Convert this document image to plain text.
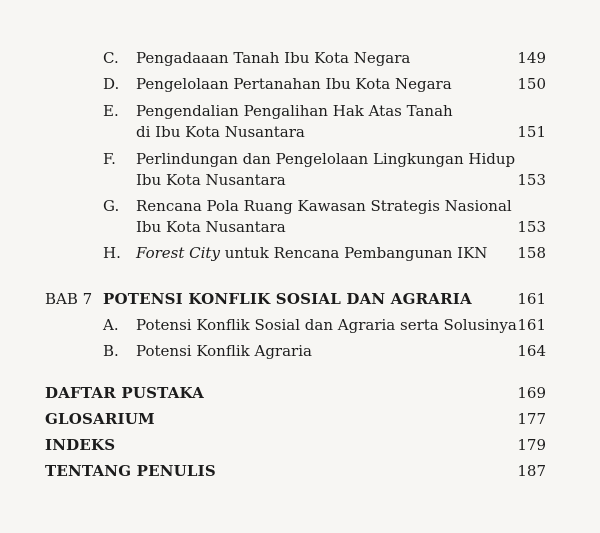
C. Pengadaaan Tanah Ibu Kota Negara	149
D. Pengelolaan Pertanahan Ibu Kota Negara	150
E. Pengendalian Pengalihan Hak Atas Tanah
di Ibu Kota Nusantara	151
F. Perlindungan dan Pengelolaan Lingkungan Hidup
Ibu Kota Nusantara	153
G. Rencana Pola Ruang Kawasan Strategis Nasional
Ibu Kota Nusantara	153
H. Forest City untuk Rencana Pembangunan IKN 158
BAB 7 POTENSI KONFLIK SOSIAL DAN AGRARIA	161
A. Potensi Konflik Sosial dan Agraria serta Solusinya 161
B. Potensi Konflik Agraria	164
DAFTAR PUSTAKA	169
GLOSARIUM	177
INDEKS	179
TENTANG PENULIS	187
